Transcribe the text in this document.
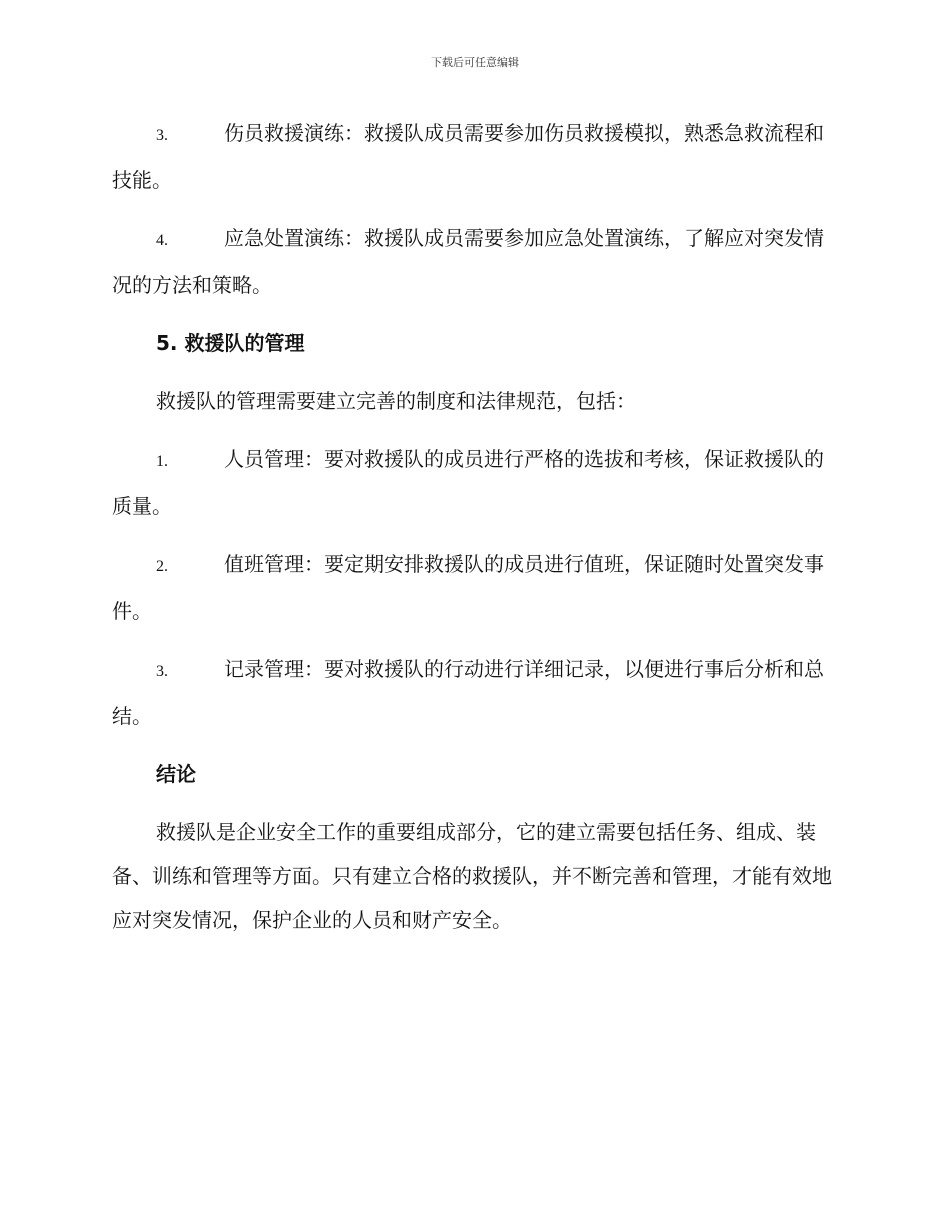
下载后可任意编辑
3.	伤员救援演练：救援队成员需要参加伤员救援模拟，熟悉急救流程和技能。
4.	应急处置演练：救援队成员需要参加应急处置演练，了解应对突发情况的方法和策略。
5. 救援队的管理
救援队的管理需要建立完善的制度和法律规范，包括：
1.	人员管理：要对救援队的成员进行严格的选拔和考核，保证救援队的质量。
2.	值班管理：要定期安排救援队的成员进行值班，保证随时处置突发事件。
3.	记录管理：要对救援队的行动进行详细记录，以便进行事后分析和总结。
结论
救援队是企业安全工作的重要组成部分，它的建立需要包括任务、组成、装备、训练和管理等方面。只有建立合格的救援队，并不断完善和管理，才能有效地应对突发情况，保护企业的人员和财产安全。
